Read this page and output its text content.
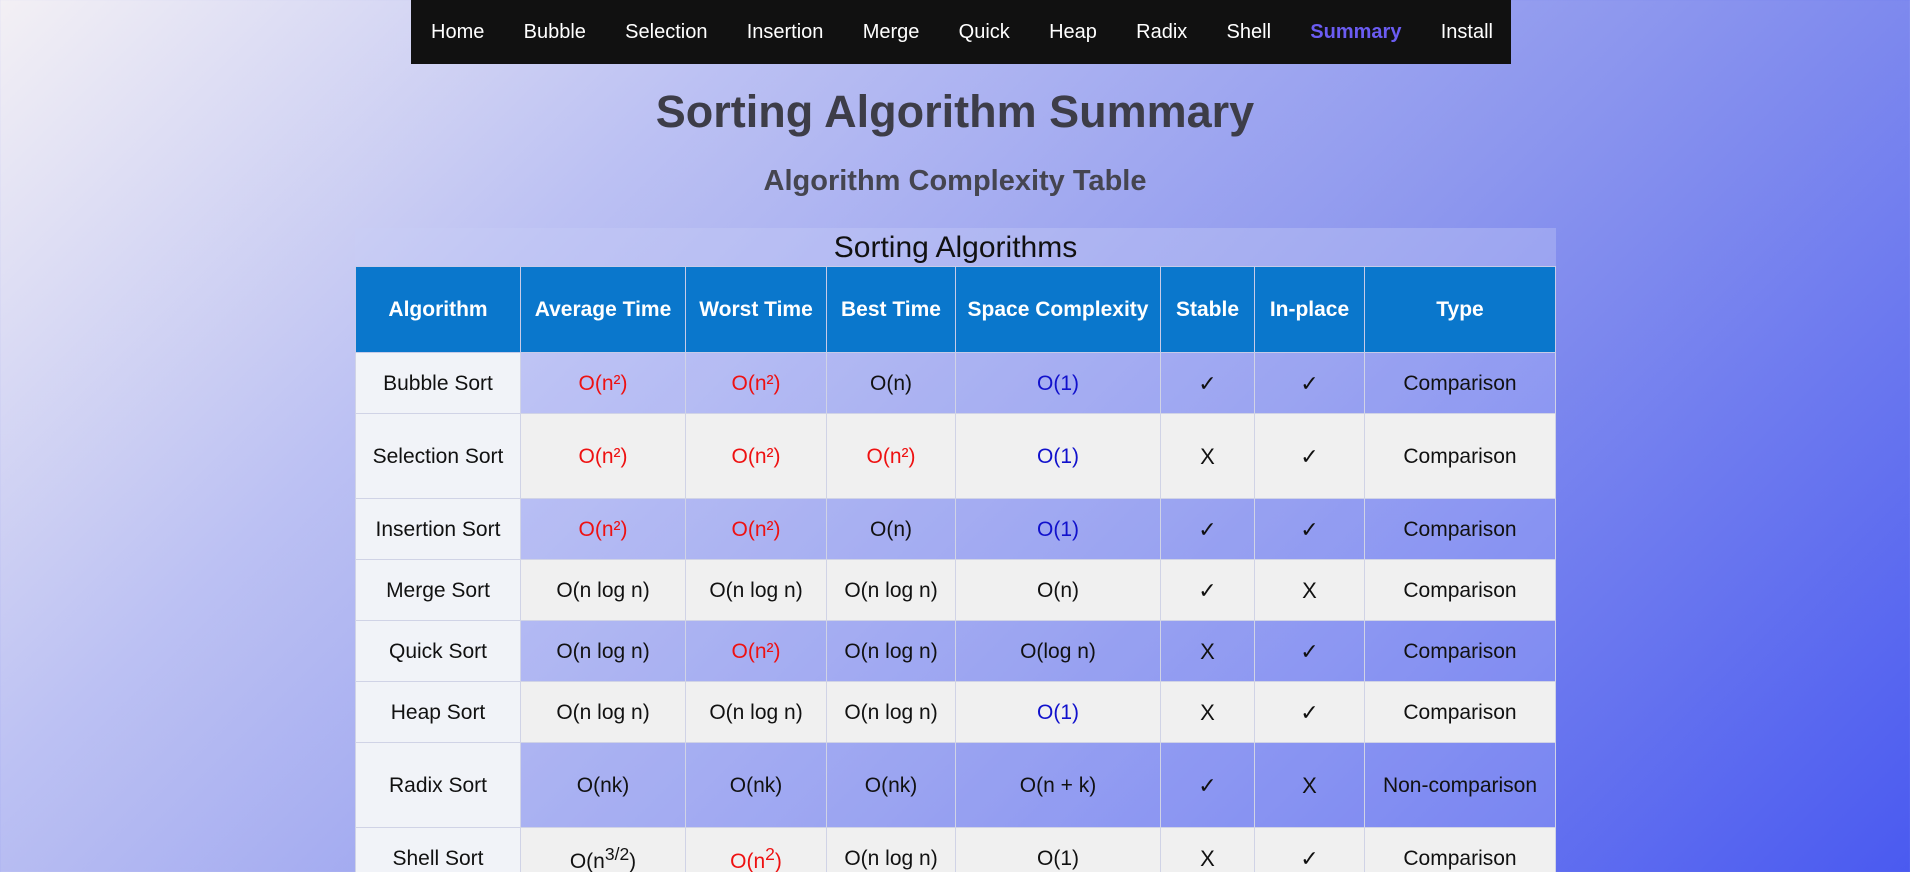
Home Bubble Selection Insertion Merge Quick Heap Radix Shell Summary Install
Sorting Algorithm Summary
Algorithm Complexity Table
Sorting Algorithms
Algorithm	Average Time	Worst Time	Best Time	Space Complexity	Stable	In-place	Type
Bubble Sort	O(n²)	O(n²)	O(n)	O(1)	✓	✓	Comparison
Selection Sort	O(n²)	O(n²)	O(n²)	O(1)	X	✓	Comparison
Insertion Sort	O(n²)	O(n²)	O(n)	O(1)	✓	✓	Comparison
Merge Sort	O(n log n)	O(n log n)	O(n log n)	O(n)	✓	X	Comparison
Quick Sort	O(n log n)	O(n²)	O(n log n)	O(log n)	X	✓	Comparison
Heap Sort	O(n log n)	O(n log n)	O(n log n)	O(1)	X	✓	Comparison
Radix Sort	O(nk)	O(nk)	O(nk)	O(n + k)	✓	X	Non-comparison
Shell Sort	$O(n^{3/2})$	$O(n^2)$	O(n log n)	O(1)	X	✓	Comparison
